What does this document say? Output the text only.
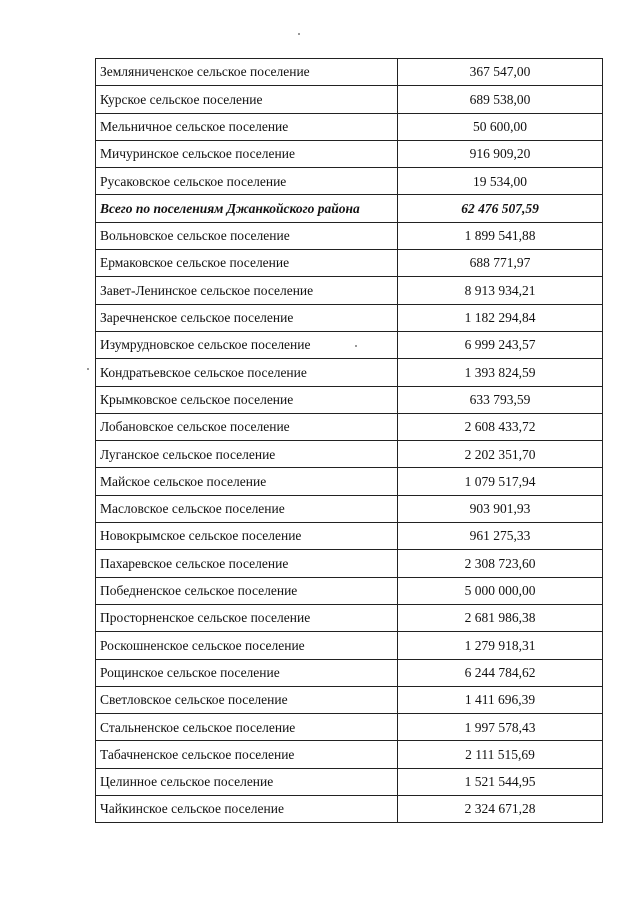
Земляниченское сельское поселение	367 547,00
Курское сельское поселение	689 538,00
Мельничное сельское поселение	50 600,00
Мичуринское сельское поселение	916 909,20
Русаковское сельское поселение	19 534,00
Всего по поселениям Джанкойского района	62 476 507,59
Вольновское сельское поселение	1 899 541,88
Ермаковское сельское поселение	688 771,97
Завет-Ленинское сельское поселение	8 913 934,21
Заречненское сельское поселение	1 182 294,84
Изумрудновское сельское поселение	6 999 243,57
Кондратьевское сельское поселение	1 393 824,59
Крымковское сельское поселение	633 793,59
Лобановское сельское поселение	2 608 433,72
Луганское сельское поселение	2 202 351,70
Майское сельское поселение	1 079 517,94
Масловское сельское поселение	903 901,93
Новокрымское сельское поселение	961 275,33
Пахаревское сельское поселение	2 308 723,60
Победненское сельское поселение	5 000 000,00
Просторненское сельское поселение	2 681 986,38
Роскошненское сельское поселение	1 279 918,31
Рощинское сельское поселение	6 244 784,62
Светловское сельское поселение	1 411 696,39
Стальненское сельское поселение	1 997 578,43
Табачненское сельское поселение	2 111 515,69
Целинное сельское поселение	1 521 544,95
Чайкинское сельское поселение	2 324 671,28
